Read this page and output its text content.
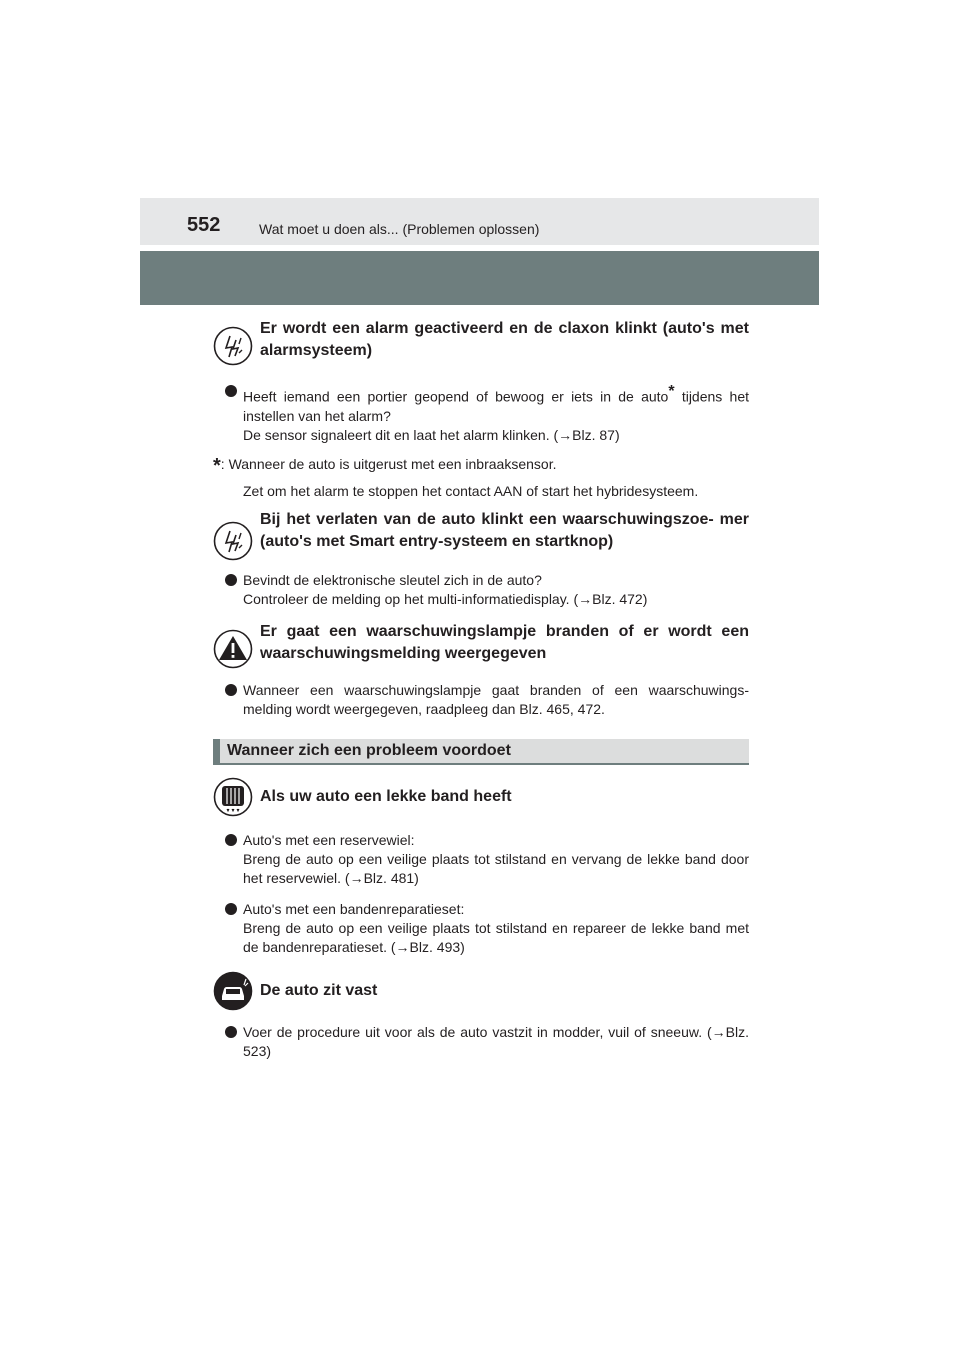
552	Wat moet u doen als... (Problemen oplossen)
Er wordt een alarm geactiveerd en de claxon klinkt (auto's met alarmsysteem)
Heeft iemand een portier geopend of bewoog er iets in de auto* tijdens het instellen van het alarm?
De sensor signaleert dit en laat het alarm klinken. (→Blz. 87)
*: Wanneer de auto is uitgerust met een inbraaksensor.
Zet om het alarm te stoppen het contact AAN of start het hybridesysteem.
Bij het verlaten van de auto klinkt een waarschuwingszoe- mer (auto's met Smart entry-systeem en startknop)
Bevindt de elektronische sleutel zich in de auto?
Controleer de melding op het multi-informatiedisplay. (→Blz. 472)
Er gaat een waarschuwingslampje branden of er wordt een waarschuwingsmelding weergegeven
Wanneer een waarschuwingslampje gaat branden of een waarschuwings- melding wordt weergegeven, raadpleeg dan Blz. 465, 472.
Wanneer zich een probleem voordoet
Als uw auto een lekke band heeft
Auto's met een reservewiel:
Breng de auto op een veilige plaats tot stilstand en vervang de lekke band door het reservewiel. (→Blz. 481)
Auto's met een bandenreparatieset:
Breng de auto op een veilige plaats tot stilstand en repareer de lekke band met de bandenreparatieset. (→Blz. 493)
De auto zit vast
Voer de procedure uit voor als de auto vastzit in modder, vuil of sneeuw. (→Blz. 523)
